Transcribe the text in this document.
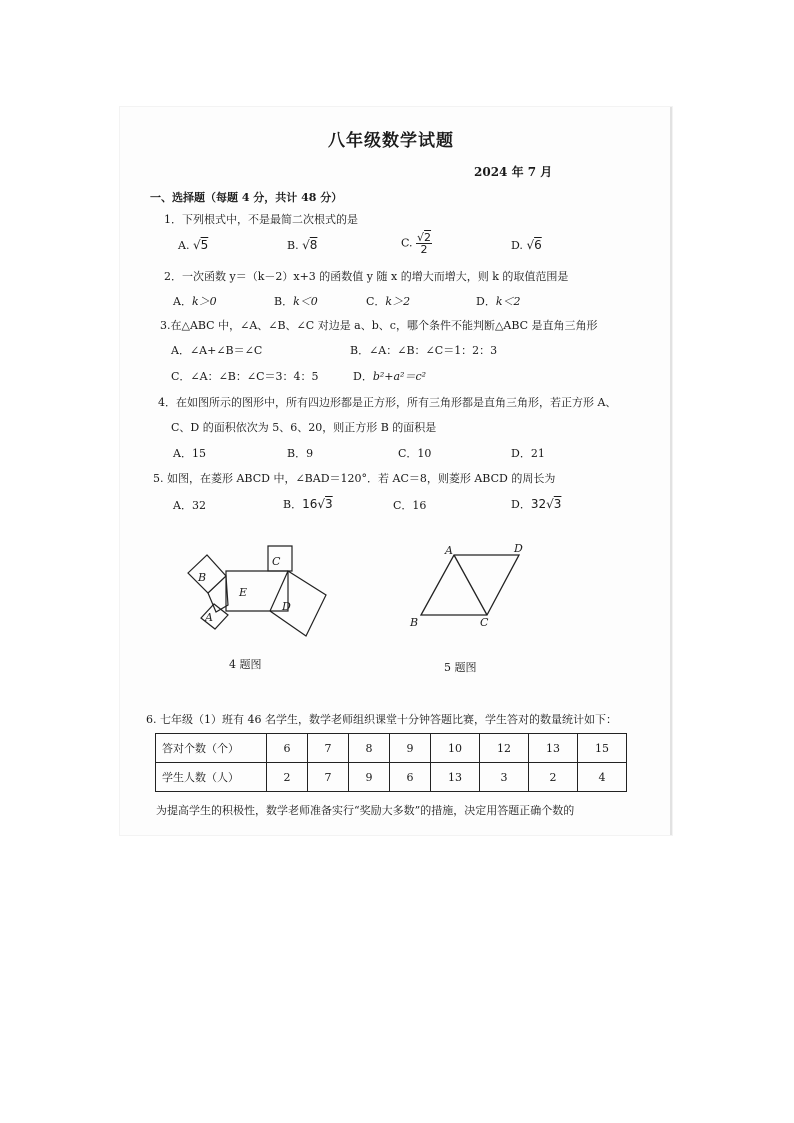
八年级数学试题
2024 年 7 月
一、选择题（每题 4 分，共计 48 分）
1．下列根式中，不是最简二次根式的是
A. √5	B. √8	C. $\frac{√2}{2}$	D. √6
2．一次函数 y＝（k－2）x+3 的函数值 y 随 x 的增大而增大，则 k 的取值范围是
A．k＞0	B．k＜0	C．k＞2	D．k＜2
3.在△ABC 中，∠A、∠B、∠C 对边是 a、b、c，哪个条件不能判断△ABC 是直角三角形
A．∠A+∠B＝∠C	B．∠A：∠B：∠C＝1：2：3
C．∠A：∠B：∠C＝3：4：5	D．b²+a²＝c²
4．在如图所示的图形中，所有四边形都是正方形，所有三角形都是直角三角形，若正方形 A、
C、D 的面积依次为 5、6、20，则正方形 B 的面积是
A．15	B．9	C．10	D．21
5. 如图，在菱形 ABCD 中，∠BAD＝120°．若 AC＝8，则菱形 ABCD 的周长为
A．32	B．16√3	C．16	D．32√3
B
C
E
D
A
4 题图
A	D
B	C
5 题图
6. 七年级（1）班有 46 名学生，数学老师组织课堂十分钟答题比赛，学生答对的数量统计如下：
答对个数（个）	6	7	8	9	10	12	13	15
学生人数（人）	2	7	9	6	13	3	2	4
为提高学生的积极性，数学老师准备实行“奖励大多数”的措施，决定用答题正确个数的
